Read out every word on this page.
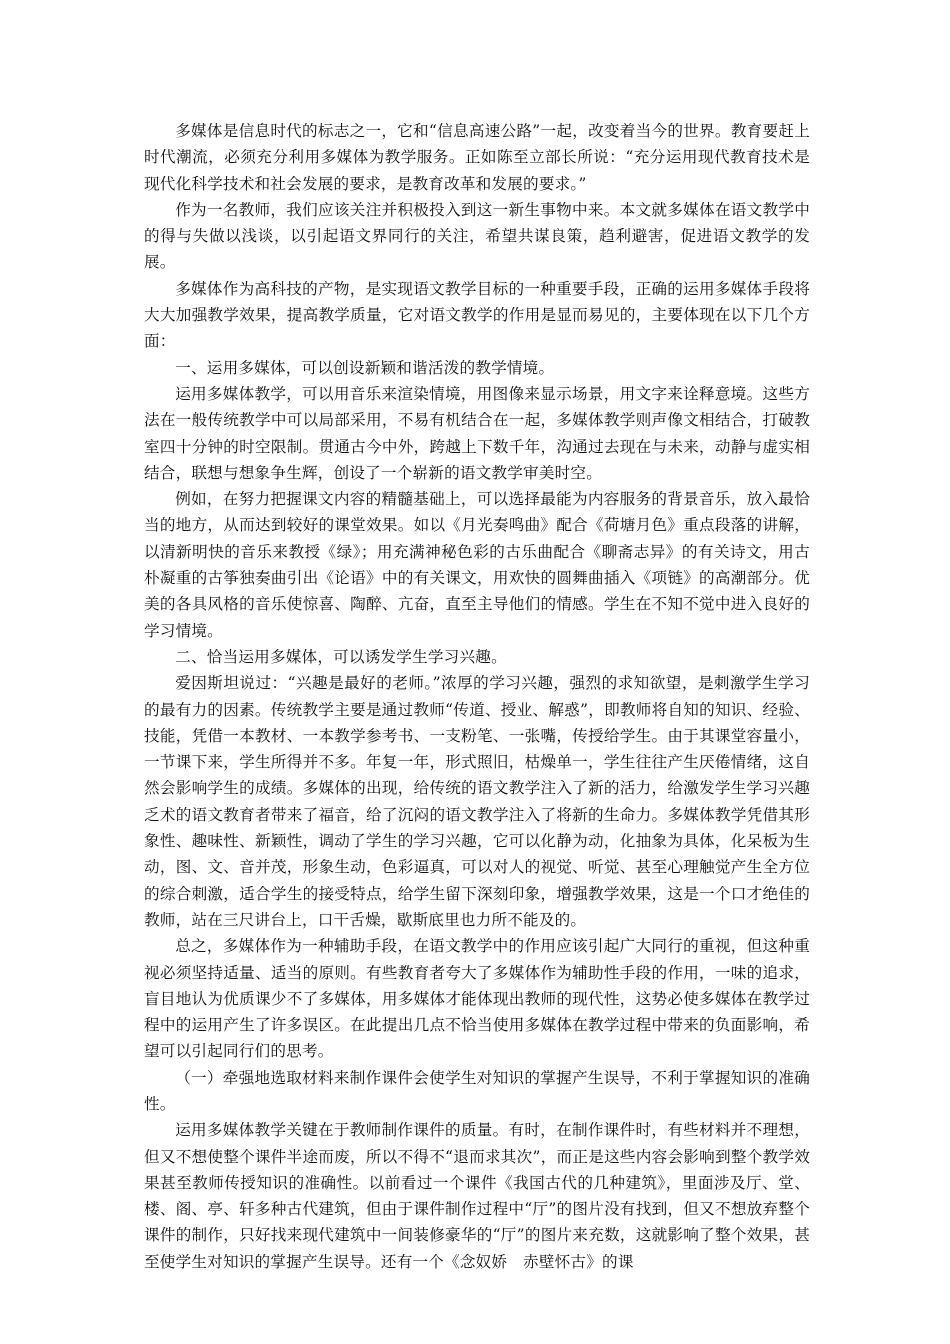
多媒体是信息时代的标志之一，它和“信息高速公路”一起，改变着当今的世界。教育要赶上时代潮流，必须充分利用多媒体为教学服务。正如陈至立部长所说：“充分运用现代教育技术是现代化科学技术和社会发展的要求，是教育改革和发展的要求。”

作为一名教师，我们应该关注并积极投入到这一新生事物中来。本文就多媒体在语文教学中的得与失做以浅谈，以引起语文界同行的关注，希望共谋良策，趋利避害，促进语文教学的发展。

多媒体作为高科技的产物，是实现语文教学目标的一种重要手段，正确的运用多媒体手段将大大加强教学效果，提高教学质量，它对语文教学的作用是显而易见的，主要体现在以下几个方面：

一、运用多媒体，可以创设新颖和谐活泼的教学情境。

运用多媒体教学，可以用音乐来渲染情境，用图像来显示场景，用文字来诠释意境。这些方法在一般传统教学中可以局部采用，不易有机结合在一起，多媒体教学则声像文相结合，打破教室四十分钟的时空限制。贯通古今中外，跨越上下数千年，沟通过去现在与未来，动静与虚实相结合，联想与想象争生辉，创设了一个崭新的语文教学审美时空。

例如，在努力把握课文内容的精髓基础上，可以选择最能为内容服务的背景音乐，放入最恰当的地方，从而达到较好的课堂效果。如以《月光奏鸣曲》配合《荷塘月色》重点段落的讲解，以清新明快的音乐来教授《绿》；用充满神秘色彩的古乐曲配合《聊斋志异》的有关诗文，用古朴凝重的古筝独奏曲引出《论语》中的有关课文，用欢快的圆舞曲插入《项链》的高潮部分。优美的各具风格的音乐使惊喜、陶醉、亢奋，直至主导他们的情感。学生在不知不觉中进入良好的学习情境。

二、恰当运用多媒体，可以诱发学生学习兴趣。

爱因斯坦说过：“兴趣是最好的老师。”浓厚的学习兴趣，强烈的求知欲望，是刺激学生学习的最有力的因素。传统教学主要是通过教师“传道、授业、解惑”，即教师将自知的知识、经验、技能，凭借一本教材、一本教学参考书、一支粉笔、一张嘴，传授给学生。由于其课堂容量小，一节课下来，学生所得并不多。年复一年，形式照旧，枯燥单一，学生往往产生厌倦情绪，这自然会影响学生的成绩。多媒体的出现，给传统的语文教学注入了新的活力，给激发学生学习兴趣乏术的语文教育者带来了福音，给了沉闷的语文教学注入了将新的生命力。多媒体教学凭借其形象性、趣味性、新颖性，调动了学生的学习兴趣，它可以化静为动，化抽象为具体，化呆板为生动，图、文、音并茂，形象生动，色彩逼真，可以对人的视觉、听觉、甚至心理触觉产生全方位的综合刺激，适合学生的接受特点，给学生留下深刻印象，增强教学效果，这是一个口才绝佳的教师，站在三尺讲台上，口干舌燥，歇斯底里也力所不能及的。

总之，多媒体作为一种辅助手段，在语文教学中的作用应该引起广大同行的重视，但这种重视必须坚持适量、适当的原则。有些教育者夸大了多媒体作为辅助性手段的作用，一味的追求，盲目地认为优质课少不了多媒体，用多媒体才能体现出教师的现代性，这势必使多媒体在教学过程中的运用产生了许多误区。在此提出几点不恰当使用多媒体在教学过程中带来的负面影响，希望可以引起同行们的思考。

（一）牵强地选取材料来制作课件会使学生对知识的掌握产生误导，不利于掌握知识的准确性。

运用多媒体教学关键在于教师制作课件的质量。有时，在制作课件时，有些材料并不理想，但又不想使整个课件半途而废，所以不得不“退而求其次”，而正是这些内容会影响到整个教学效果甚至教师传授知识的准确性。以前看过一个课件《我国古代的几种建筑》，里面涉及厅、堂、楼、阁、亭、轩多种古代建筑，但由于课件制作过程中“厅”的图片没有找到，但又不想放弃整个课件的制作，只好找来现代建筑中一间装修豪华的“厅”的图片来充数，这就影响了整个效果，甚至使学生对知识的掌握产生误导。还有一个《念奴娇　赤壁怀古》的课
